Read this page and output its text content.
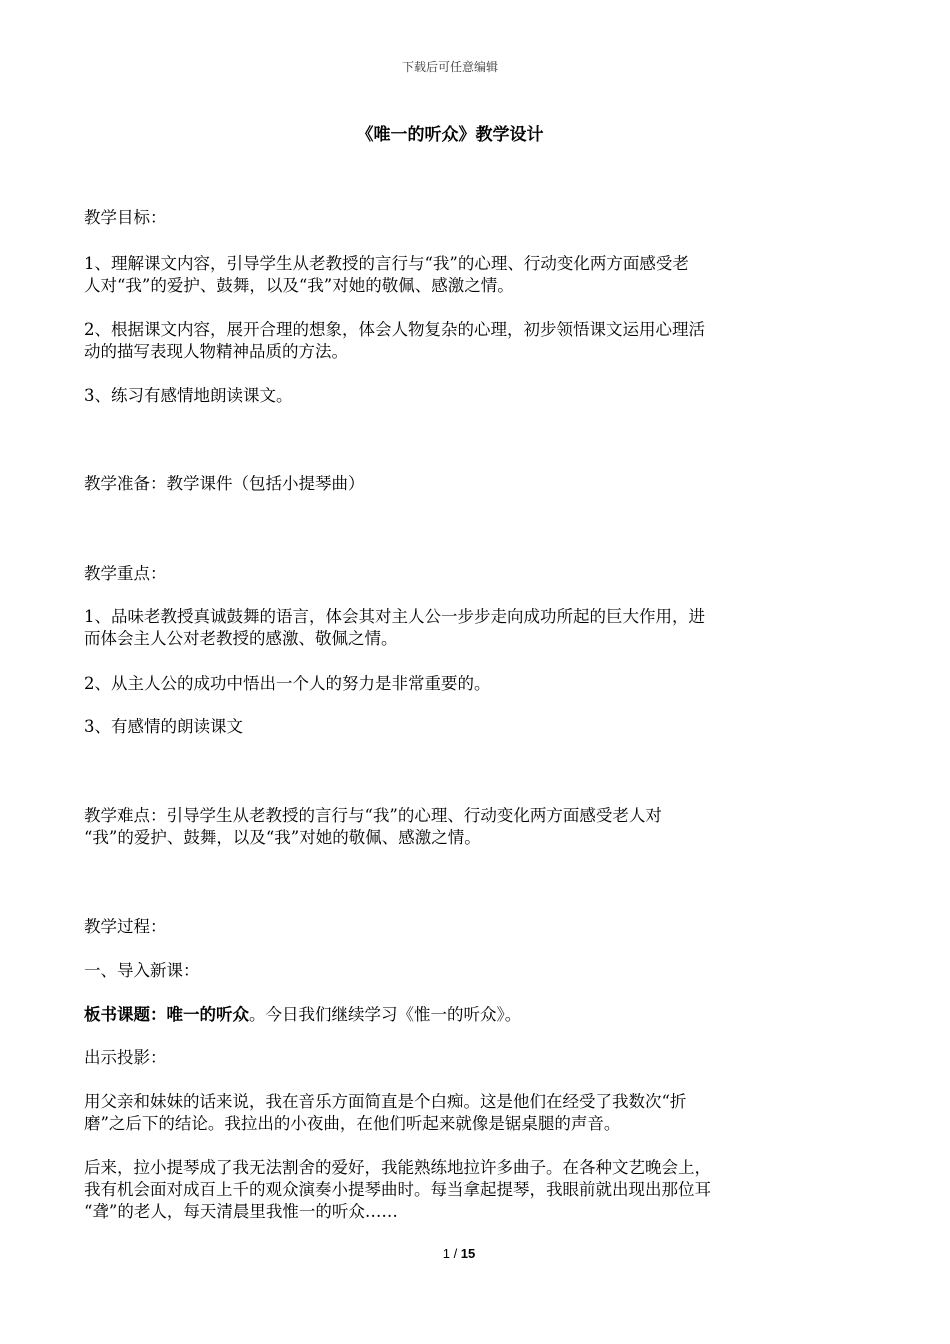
下载后可任意编辑
《唯一的听众》教学设计
教学目标：
1、理解课文内容，引导学生从老教授的言行与“我”的心理、行动变化两方面感受老
人对“我”的爱护、鼓舞，以及“我”对她的敬佩、感激之情。
2、根据课文内容，展开合理的想象，体会人物复杂的心理，初步领悟课文运用心理活
动的描写表现人物精神品质的方法。
3、练习有感情地朗读课文。
教学准备：教学课件（包括小提琴曲）
教学重点：
1、品味老教授真诚鼓舞的语言，体会其对主人公一步步走向成功所起的巨大作用，进
而体会主人公对老教授的感激、敬佩之情。
2、从主人公的成功中悟出一个人的努力是非常重要的。
3、有感情的朗读课文
教学难点：引导学生从老教授的言行与“我”的心理、行动变化两方面感受老人对
“我”的爱护、鼓舞，以及“我”对她的敬佩、感激之情。
教学过程：
一、导入新课：
板书课题：唯一的听众。今日我们继续学习《惟一的听众》。
出示投影：
用父亲和妹妹的话来说，我在音乐方面简直是个白痴。这是他们在经受了我数次“折
磨”之后下的结论。我拉出的小夜曲，在他们听起来就像是锯桌腿的声音。
后来，拉小提琴成了我无法割舍的爱好，我能熟练地拉许多曲子。在各种文艺晚会上，
我有机会面对成百上千的观众演奏小提琴曲时。每当拿起提琴，我眼前就出现出那位耳
“聋”的老人，每天清晨里我惟一的听众……
1 / 15
